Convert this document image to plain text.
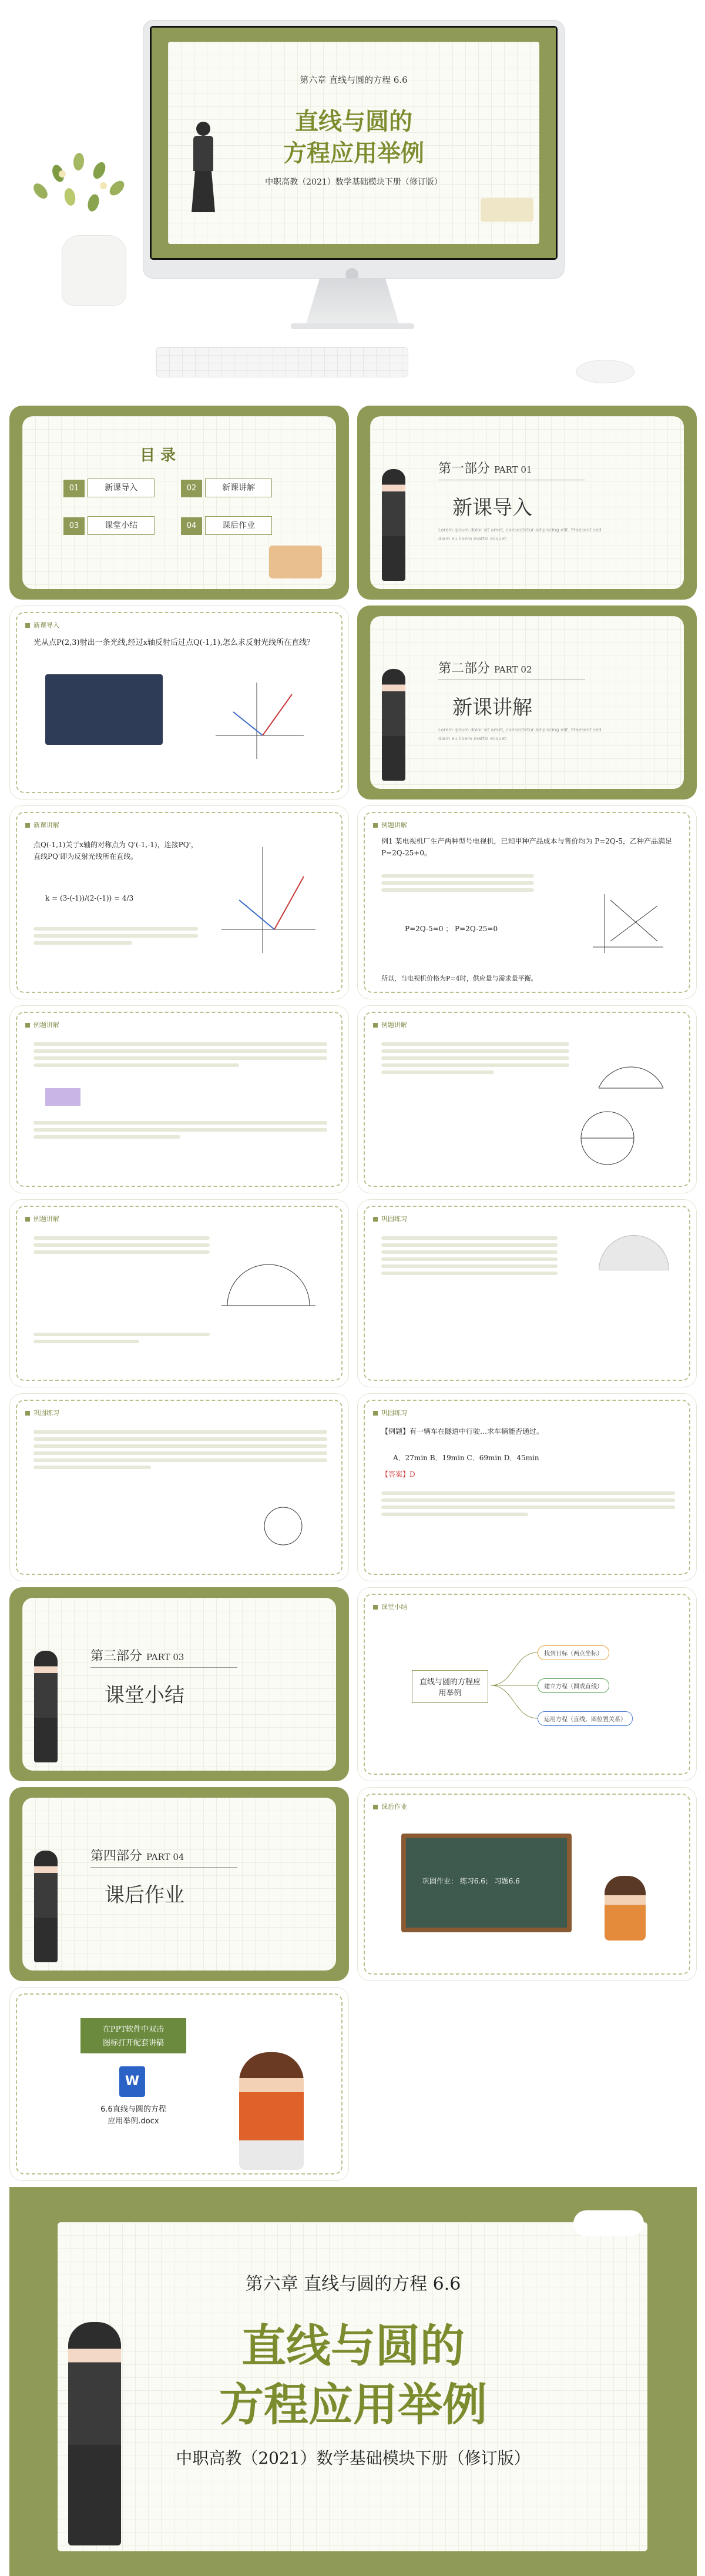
第六章 直线与圆的方程 6.6
直线与圆的
方程应用举例
中职高教（2021）数学基础模块下册（修订版）
目 录
01	新课导入	02	新课讲解
03	课堂小结	04	课后作业
第一部分 PART 01
新课导入
Lorem ipsum dolor sit amet, consectetur adipiscing elit. Praesent sed diam eu libero mattis aliquet.
新课导入
光从点P(2,3)射出一条光线,经过x轴反射后过点Q(-1,1),怎么求反射光线所在直线？
第二部分 PART 02
新课讲解
Lorem ipsum dolor sit amet, consectetur adipiscing elit. Praesent sed diam eu libero mattis aliquet.
新课讲解
点Q(-1,1)关于x轴的对称点为 Q'(-1,-1)，连接PQ'，直线PQ'即为反射光线所在直线。
k = (3-(-1))/(2-(-1)) = 4/3
例题讲解
例1 某电视机厂生产两种型号电视机，已知甲种产品成本与售价均为 P=2Q-5，乙种产品满足 P=2Q-25+0。
P=2Q-5=0 ； P=2Q-25=0
所以，当电视机价格为P=4时，供应量与需求量平衡。
例题讲解	例题讲解
例题讲解	巩固练习
巩固练习	巩固练习
【例题】有一辆车在隧道中行驶…求车辆能否通过。
A．27min B．19min C．69min D．45min
【答案】D
第三部分 PART 03
课堂小结
课堂小结
直线与圆的方程应用举例
找到目标（两点坐标）
建立方程（圆或直线）
运用方程（直线、圆位置关系）
第四部分 PART 04
课后作业
课后作业
巩固作业： 练习6.6； 习题6.6
在PPT软件中双击
图标打开配套讲稿
W
6.6直线与圆的方程
应用举例.docx
第六章 直线与圆的方程 6.6
直线与圆的
方程应用举例
中职高教（2021）数学基础模块下册（修订版）
